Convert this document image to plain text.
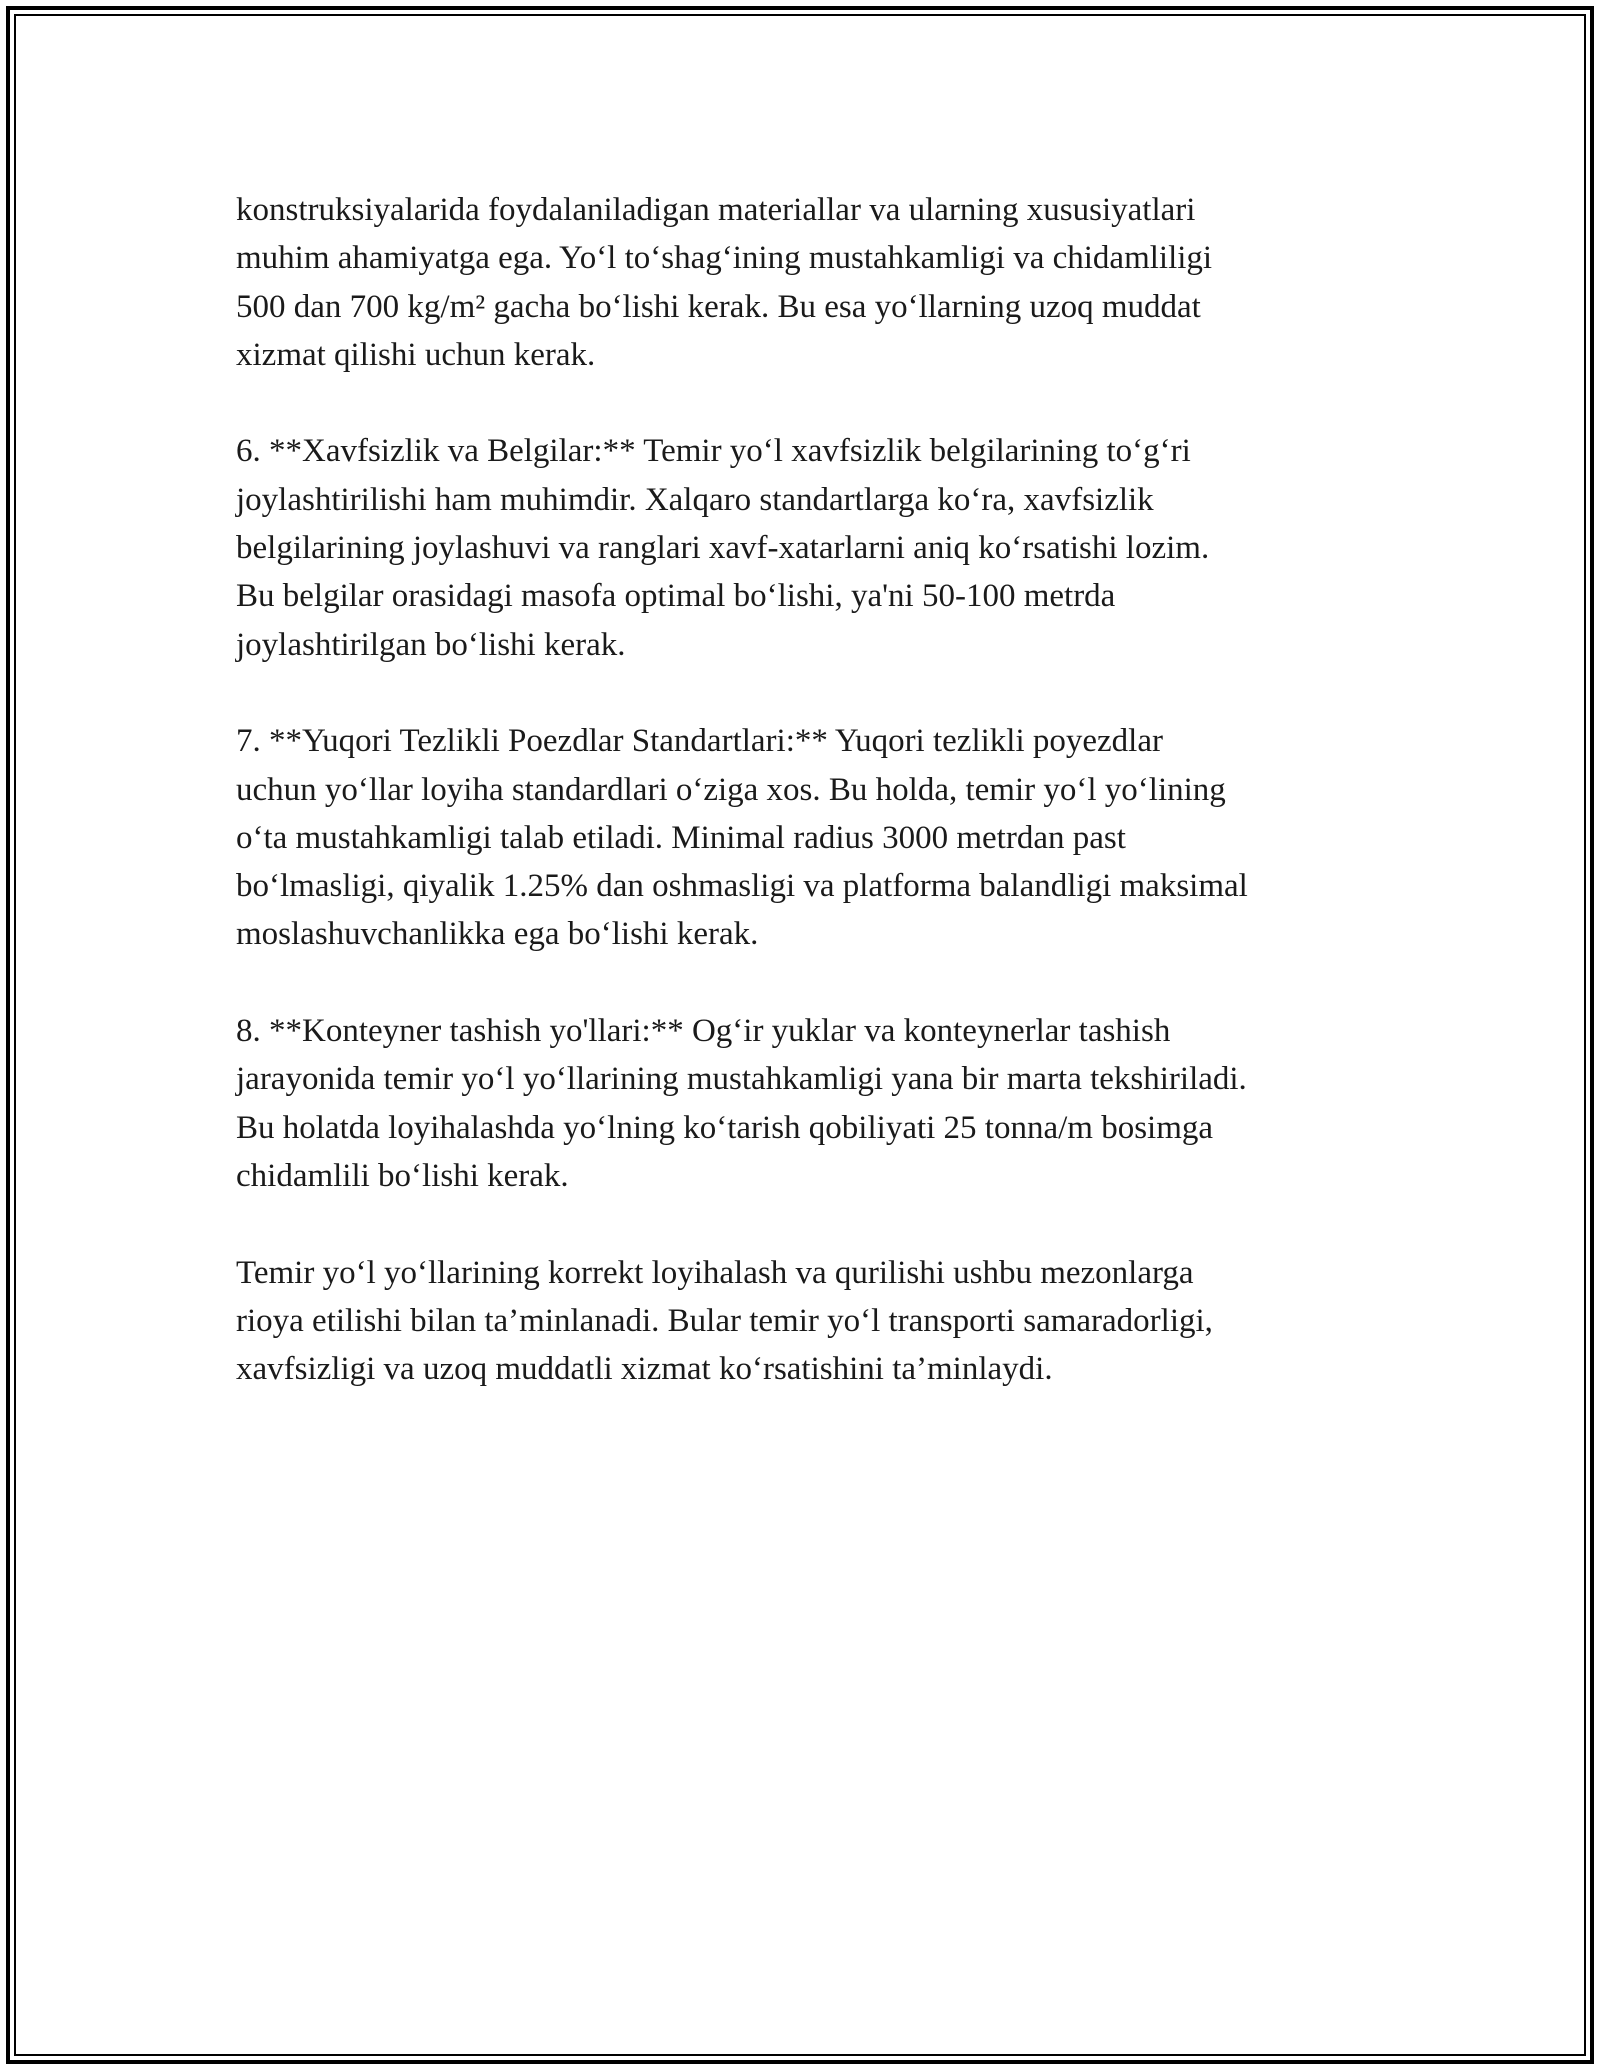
konstruksiyalarida foydalaniladigan materiallar va ularning xususiyatlari
muhim ahamiyatga ega. Yo‘l to‘shag‘ining mustahkamligi va chidamliligi
500 dan 700 kg/m² gacha bo‘lishi kerak. Bu esa yo‘llarning uzoq muddat
xizmat qilishi uchun kerak.

6. **Xavfsizlik va Belgilar:** Temir yo‘l xavfsizlik belgilarining to‘g‘ri
joylashtirilishi ham muhimdir. Xalqaro standartlarga ko‘ra, xavfsizlik
belgilarining joylashuvi va ranglari xavf-xatarlarni aniq ko‘rsatishi lozim.
Bu belgilar orasidagi masofa optimal bo‘lishi, ya'ni 50-100 metrda
joylashtirilgan bo‘lishi kerak.

7. **Yuqori Tezlikli Poezdlar Standartlari:** Yuqori tezlikli poyezdlar
uchun yo‘llar loyiha standardlari o‘ziga xos. Bu holda, temir yo‘l yo‘lining
o‘ta mustahkamligi talab etiladi. Minimal radius 3000 metrdan past
bo‘lmasligi, qiyalik 1.25% dan oshmasligi va platforma balandligi maksimal
moslashuvchanlikka ega bo‘lishi kerak.

8. **Konteyner tashish yo'llari:** Og‘ir yuklar va konteynerlar tashish
jarayonida temir yo‘l yo‘llarining mustahkamligi yana bir marta tekshiriladi.
Bu holatda loyihalashda yo‘lning ko‘tarish qobiliyati 25 tonna/m bosimga
chidamlili bo‘lishi kerak.

Temir yo‘l yo‘llarining korrekt loyihalash va qurilishi ushbu mezonlarga
rioya etilishi bilan ta’minlanadi. Bular temir yo‘l transporti samaradorligi,
xavfsizligi va uzoq muddatli xizmat ko‘rsatishini ta’minlaydi.
